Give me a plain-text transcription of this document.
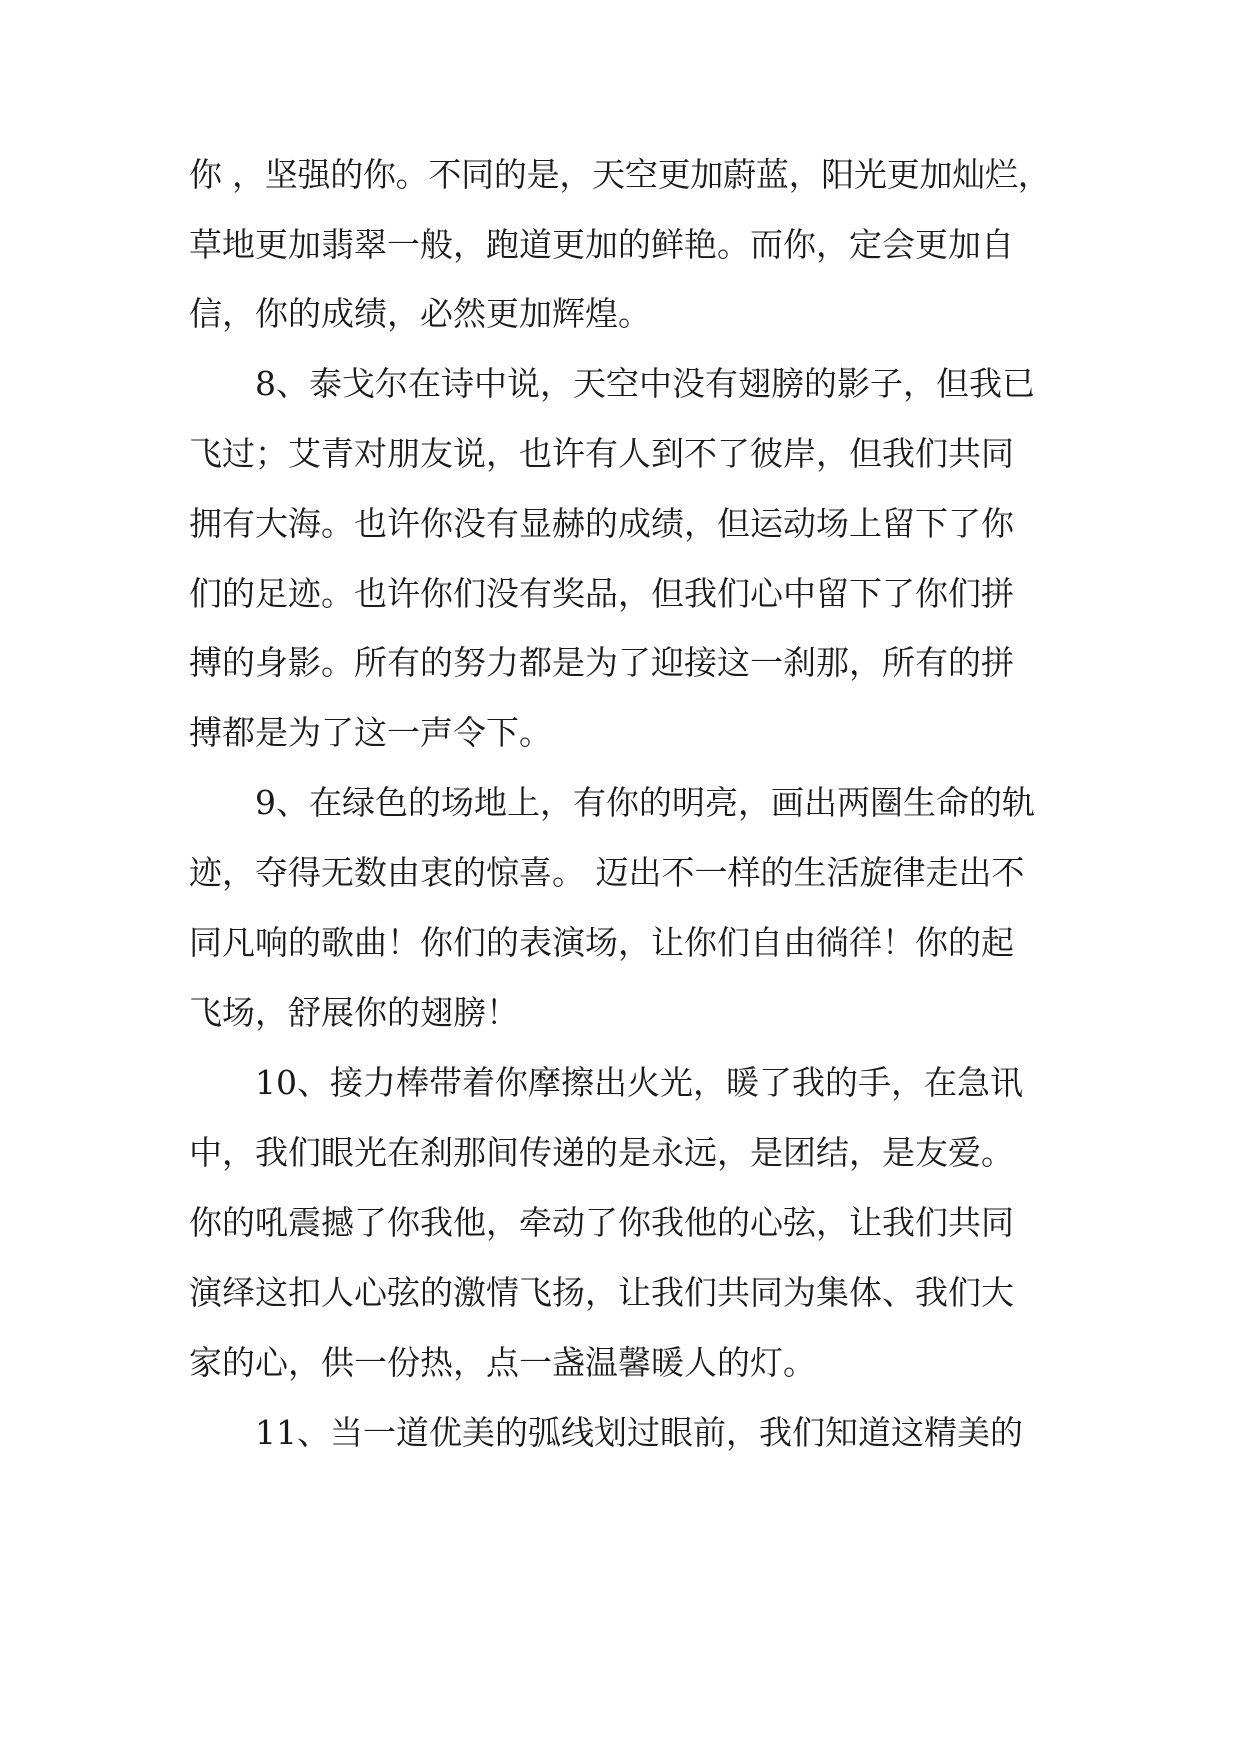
你 ，坚强的你。不同的是，天空更加蔚蓝，阳光更加灿烂，
草地更加翡翠一般，跑道更加的鲜艳。而你，定会更加自
信，你的成绩，必然更加辉煌。
8、泰戈尔在诗中说，天空中没有翅膀的影子，但我已
飞过；艾青对朋友说，也许有人到不了彼岸，但我们共同
拥有大海。也许你没有显赫的成绩，但运动场上留下了你
们的足迹。也许你们没有奖品，但我们心中留下了你们拼
搏的身影。所有的努力都是为了迎接这一刹那，所有的拼
搏都是为了这一声令下。
9、在绿色的场地上，有你的明亮，画出两圈生命的轨
迹，夺得无数由衷的惊喜。 迈出不一样的生活旋律走出不
同凡响的歌曲！你们的表演场，让你们自由徜徉！你的起
飞场，舒展你的翅膀！
10、接力棒带着你摩擦出火光，暖了我的手，在急讯
中，我们眼光在刹那间传递的是永远，是团结，是友爱。
你的吼震撼了你我他，牵动了你我他的心弦，让我们共同
演绎这扣人心弦的激情飞扬，让我们共同为集体、我们大
家的心，供一份热，点一盏温馨暖人的灯。
11、当一道优美的弧线划过眼前，我们知道这精美的
